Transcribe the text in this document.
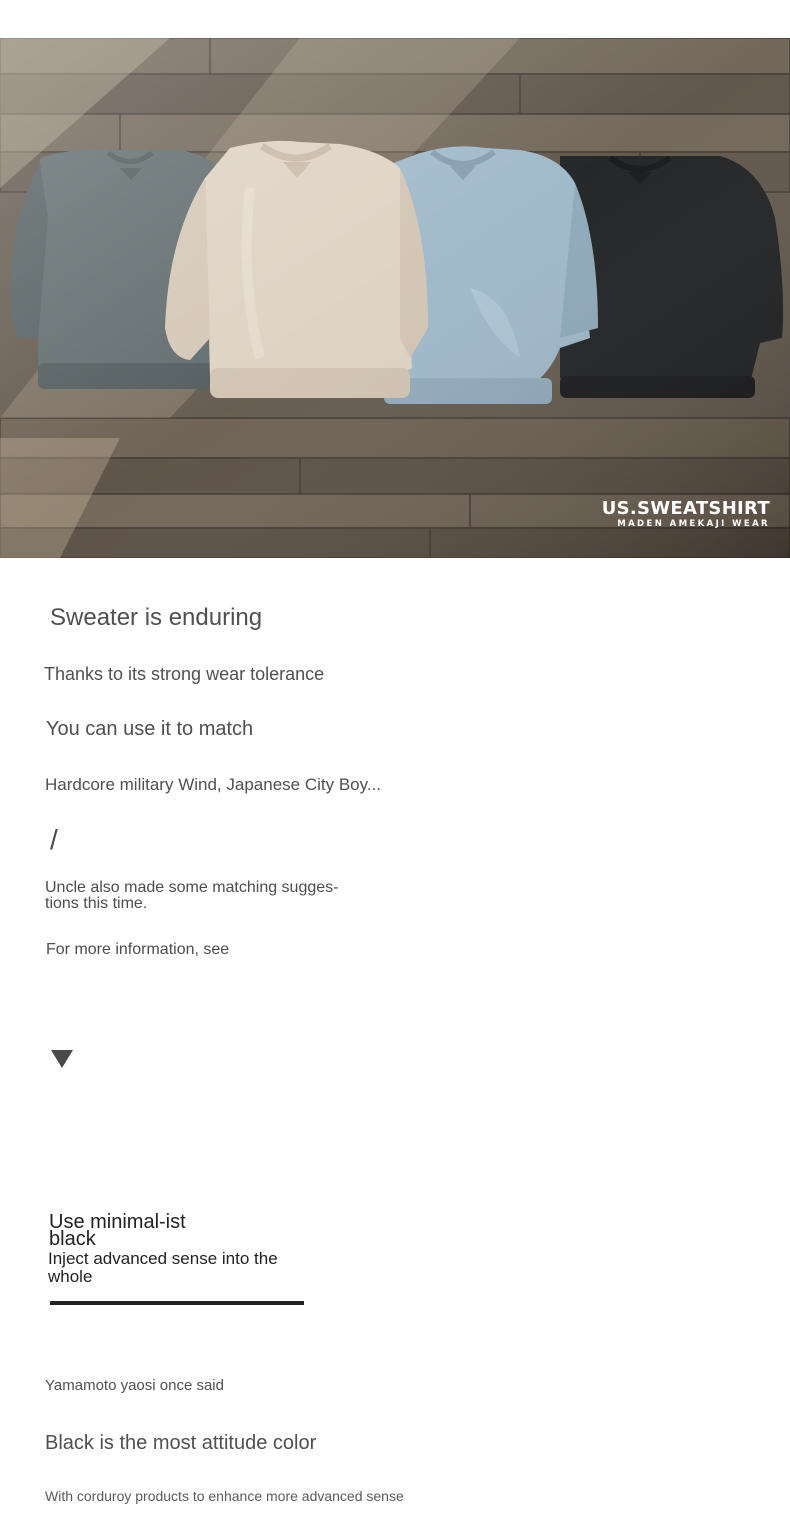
US.SWEATSHIRT
MADEN AMEKAJI WEAR
Sweater is enduring
Thanks to its strong wear tolerance
You can use it to match
Hardcore military Wind, Japanese City Boy...
/
Uncle also made some matching sugges-tions this time.
For more information, see
Use minimal-ist black
Inject advanced sense into the whole
Yamamoto yaosi once said
Black is the most attitude color
With corduroy products to enhance more advanced sense
